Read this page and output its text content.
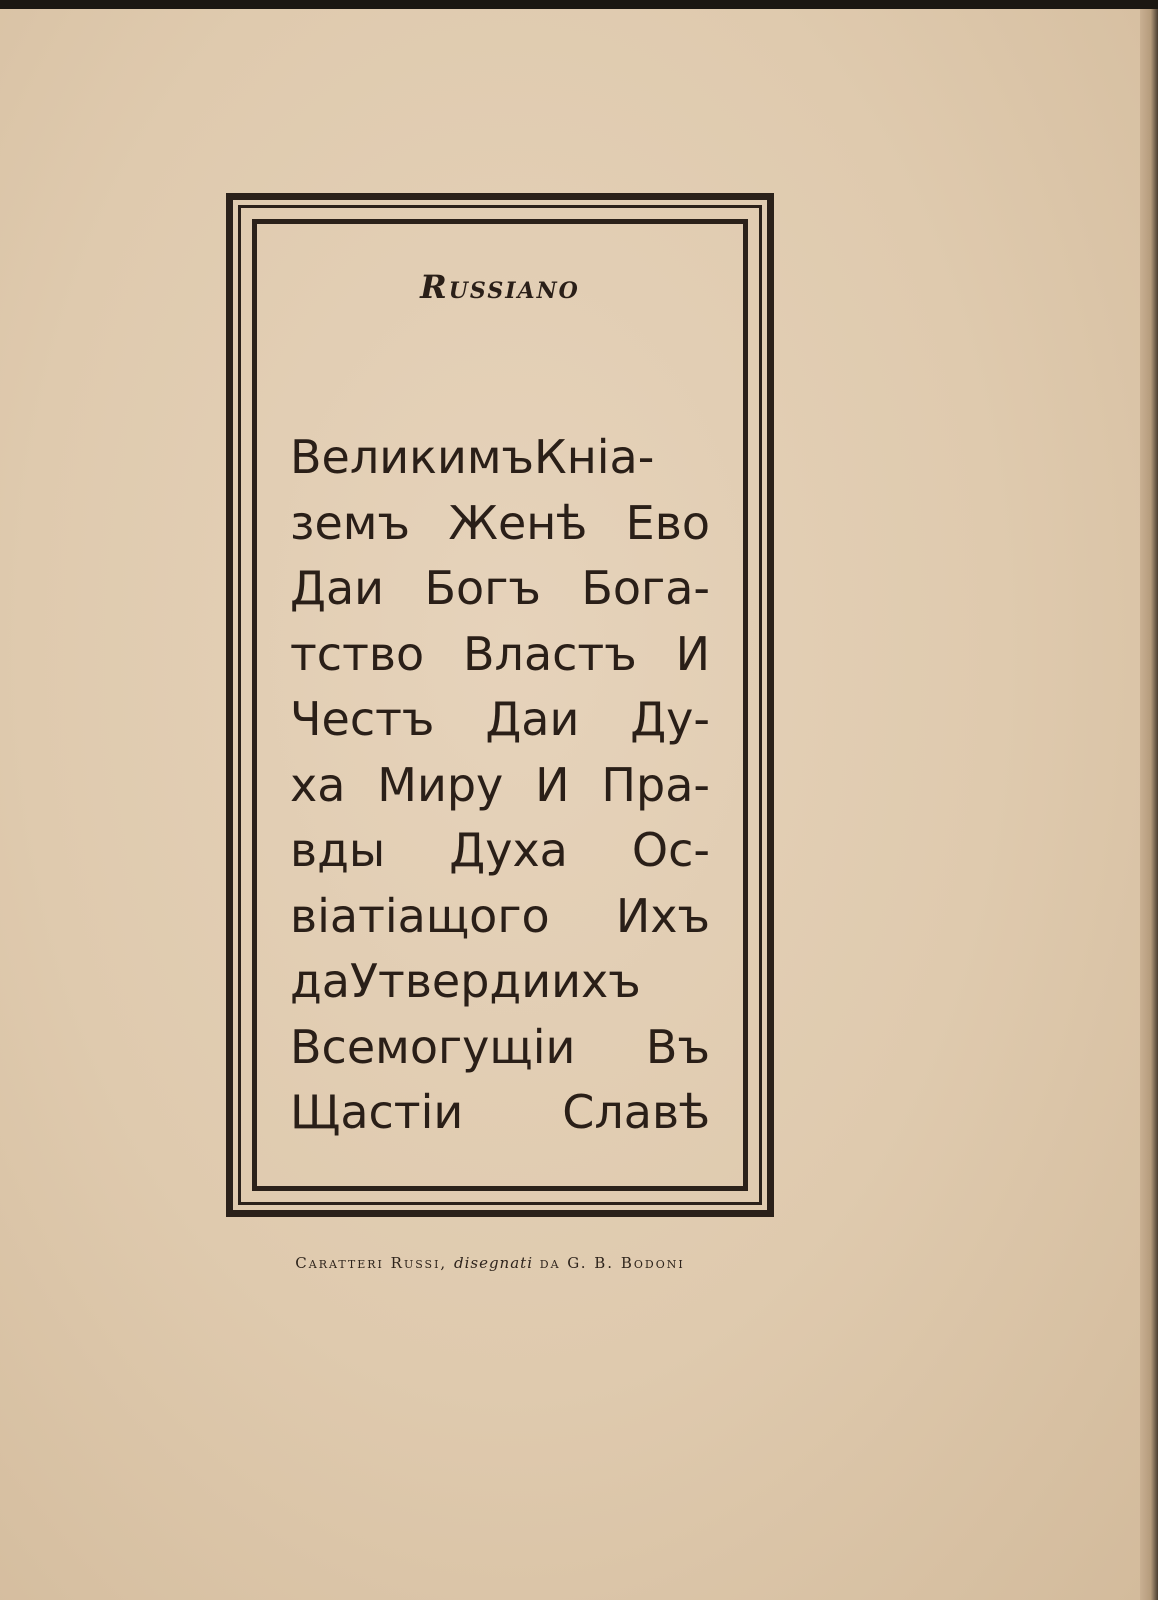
Russiano
ВеликимъКніа-
земъ Женѣ Ево
Даи Богъ Бога-
тство Властъ И
Честъ Даи Ду-
ха Миру И Пра-
вды Духа Ос-
віатіащого Ихъ
даУтвердиихъ
Всемогущіи Въ
Щастіи Славѣ
Caratteri Russi, disegnati da G. B. Bodoni
